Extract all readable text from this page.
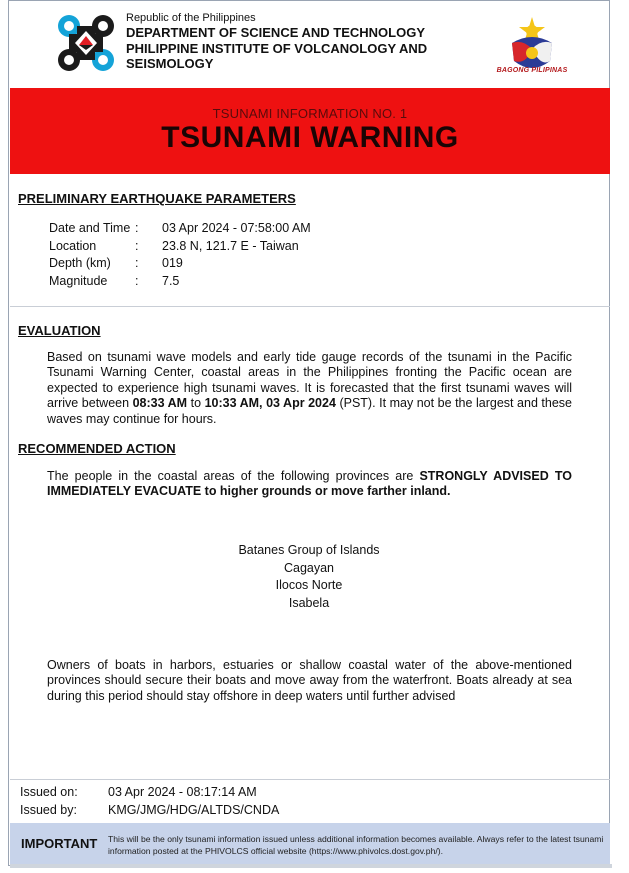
Republic of the Philippines
DEPARTMENT OF SCIENCE AND TECHNOLOGY
PHILIPPINE INSTITUTE OF VOLCANOLOGY AND
SEISMOLOGY	BAGONG PILIPINAS
TSUNAMI INFORMATION NO. 1
TSUNAMI WARNING
PRELIMINARY EARTHQUAKE PARAMETERS
Date and Time : 03 Apr 2024 - 07:58:00 AM
Location	: 23.8 N, 121.7 E - Taiwan
Depth (km)	: 019
Magnitude	: 7.5
EVALUATION
Based on tsunami wave models and early tide gauge records of the tsunami in the Pacific Tsunami Warning Center, coastal areas in the Philippines fronting the Pacific ocean are expected to experience high tsunami waves. It is forecasted that the first tsunami waves will arrive between 08:33 AM to 10:33 AM, 03 Apr 2024 (PST). It may not be the largest and these waves may continue for hours.
RECOMMENDED ACTION
The people in the coastal areas of the following provinces are STRONGLY ADVISED TO IMMEDIATELY EVACUATE to higher grounds or move farther inland.
Batanes Group of Islands
Cagayan
Ilocos Norte
Isabela
Owners of boats in harbors, estuaries or shallow coastal water of the above-mentioned provinces should secure their boats and move away from the waterfront. Boats already at sea during this period should stay offshore in deep waters until further advised
Issued on: 03 Apr 2024 - 08:17:14 AM
Issued by: KMG/JMG/HDG/ALTDS/CNDA
IMPORTANT This will be the only tsunami information issued unless additional information becomes available. Always refer to the latest tsunami information posted at the PHIVOLCS official website (https://www.phivolcs.dost.gov.ph/).
